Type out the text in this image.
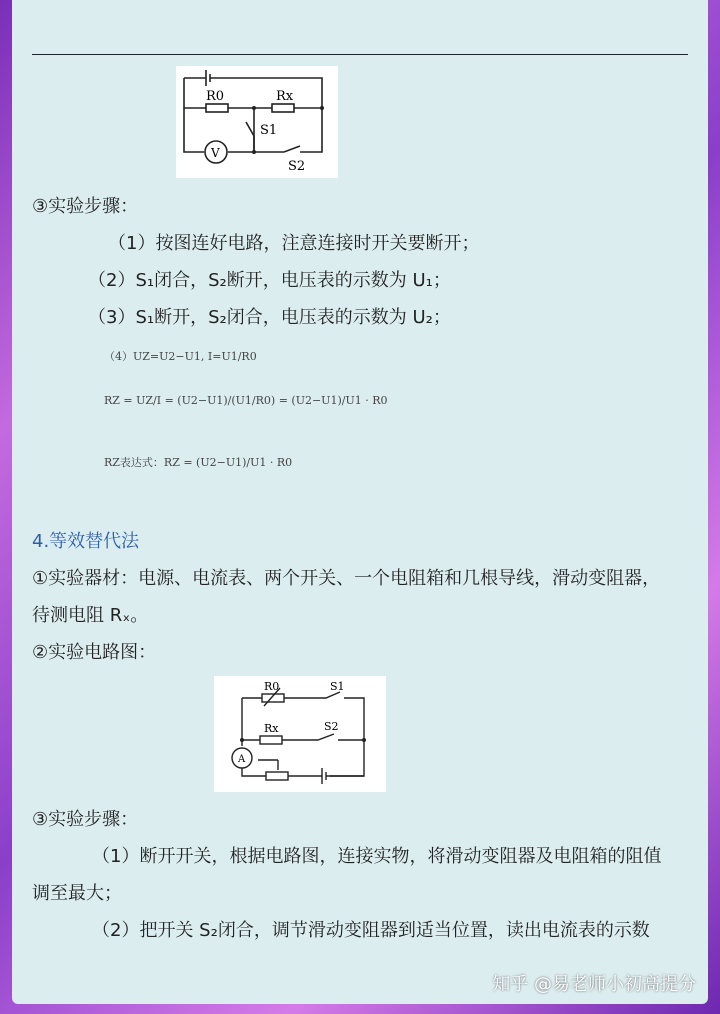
R0	Rx
S1
S2
V
③实验步骤：
（1）按图连好电路，注意连接时开关要断开；
（2）S₁闭合，S₂断开，电压表的示数为 U₁；
（3）S₁断开，S₂闭合，电压表的示数为 U₂；
（4）UZ=U2−U1, I=U1/R0
RZ = UZ/I = (U2−U1)/(U1/R0) = (U2−U1)/U1 · R0
RZ表达式：RZ = (U2−U1)/U1 · R0
4.等效替代法
①实验器材：电源、电流表、两个开关、一个电阻箱和几根导线，滑动变阻器，
待测电阻 Rₓ。
②实验电路图：
R0	S1
Rx	S2
A
③实验步骤：
（1）断开开关，根据电路图，连接实物，将滑动变阻器及电阻箱的阻值
调至最大；
（2）把开关 S₂闭合，调节滑动变阻器到适当位置，读出电流表的示数
知乎 @易老师小初高提分
